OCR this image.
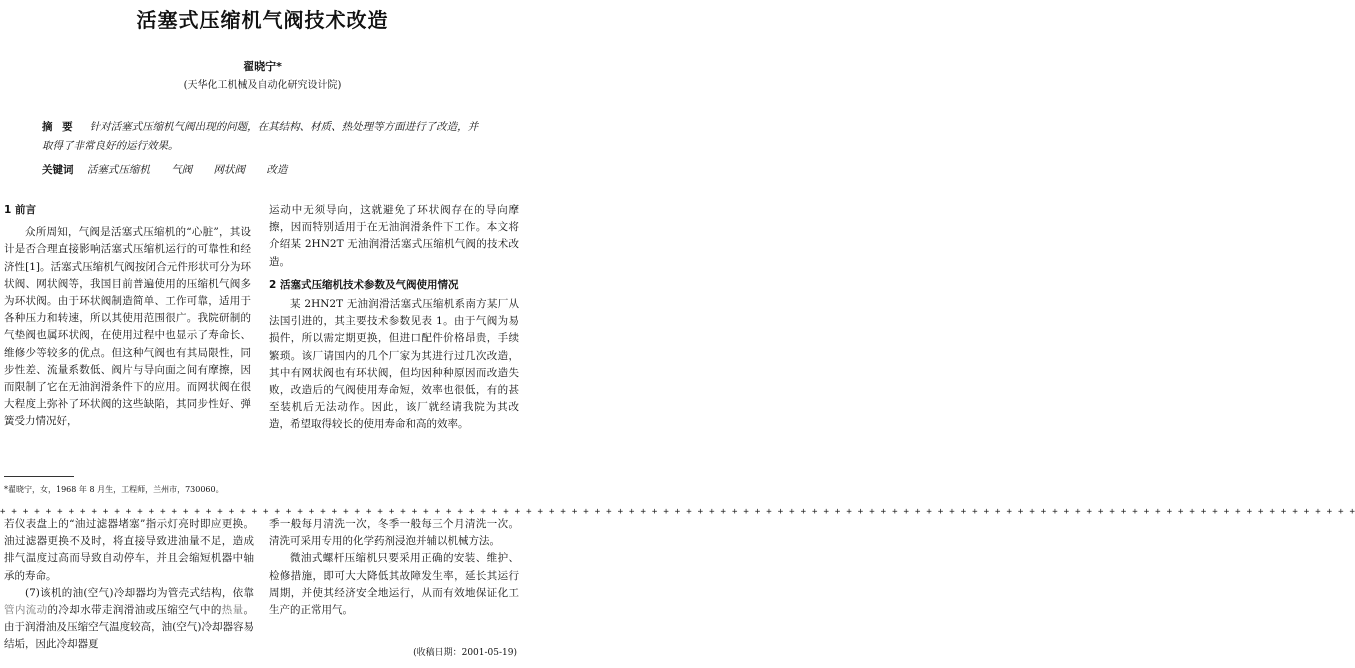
活塞式压缩机气阀技术改造
翟晓宁*
(天华化工机械及自动化研究设计院)
摘 要 针对活塞式压缩机气阀出现的问题，在其结构、材质、热处理等方面进行了改造，并取得了非常良好的运行效果。
关键词 活塞式压缩机 气阀 网状阀 改造
1 前言

众所周知，气阀是活塞式压缩机的“心脏”，其设计是否合理直接影响活塞式压缩机运行的可靠性和经济性[1]。活塞式压缩机气阀按闭合元件形状可分为环状阀、网状阀等，我国目前普遍使用的压缩机气阀多为环状阀。由于环状阀制造简单、工作可靠，适用于各种压力和转速，所以其使用范围很广。我院研制的气垫阀也属环状阀，在使用过程中也显示了寿命长、维修少等较多的优点。但这种气阀也有其局限性，同步性差、流量系数低、阀片与导向面之间有摩擦，因而限制了它在无油润滑条件下的应用。而网状阀在很大程度上弥补了环状阀的这些缺陷，其同步性好、弹簧受力情况好，

运动中无须导向，这就避免了环状阀存在的导向摩擦，因而特别适用于在无油润滑条件下工作。本文将介绍某 2HN2T 无油润滑活塞式压缩机气阀的技术改造。

2 活塞式压缩机技术参数及气阀使用情况

某 2HN2T 无油润滑活塞式压缩机系南方某厂从法国引进的，其主要技术参数见表 1。由于气阀为易损件，所以需定期更换，但进口配件价格昂贵，手续繁琐。该厂请国内的几个厂家为其进行过几次改造，其中有网状阀也有环状阀，但均因种种原因而改造失败，改造后的气阀使用寿命短，效率也很低，有的甚至装机后无法动作。因此，该厂就经请我院为其改造，希望取得较长的使用寿命和高的效率。

*翟晓宁，女，1968 年 8 月生，工程师，兰州市，730060。
+ + + + + + + + + + + + + + + + + + + + + + + + + + + + + + + + + + + + + + + + + + + + + + + + + + + + + + + + + + + + + + + + + + + + + + + + + + + + + + + + + + + + + + + + + + + + + + + + + + + + + + + + + + + + + + + + + + + + + + +

若仪表盘上的“油过滤器堵塞”指示灯亮时即应更换。油过滤器更换不及时，将直接导致进油量不足，造成排气温度过高而导致自动停车，并且会缩短机器中轴承的寿命。

(7)该机的油(空气)冷却器均为管壳式结构，依靠管内流动的冷却水带走润滑油或压缩空气中的热量。由于润滑油及压缩空气温度较高，油(空气)冷却器容易结垢，因此冷却器夏

季一般每月清洗一次，冬季一般每三个月清洗一次。清洗可采用专用的化学药剂浸泡并辅以机械方法。

微油式螺杆压缩机只要采用正确的安装、维护、检修措施，即可大大降低其故障发生率，延长其运行周期，并使其经济安全地运行，从而有效地保证化工生产的正常用气。

(收稿日期：2001-05-19)
